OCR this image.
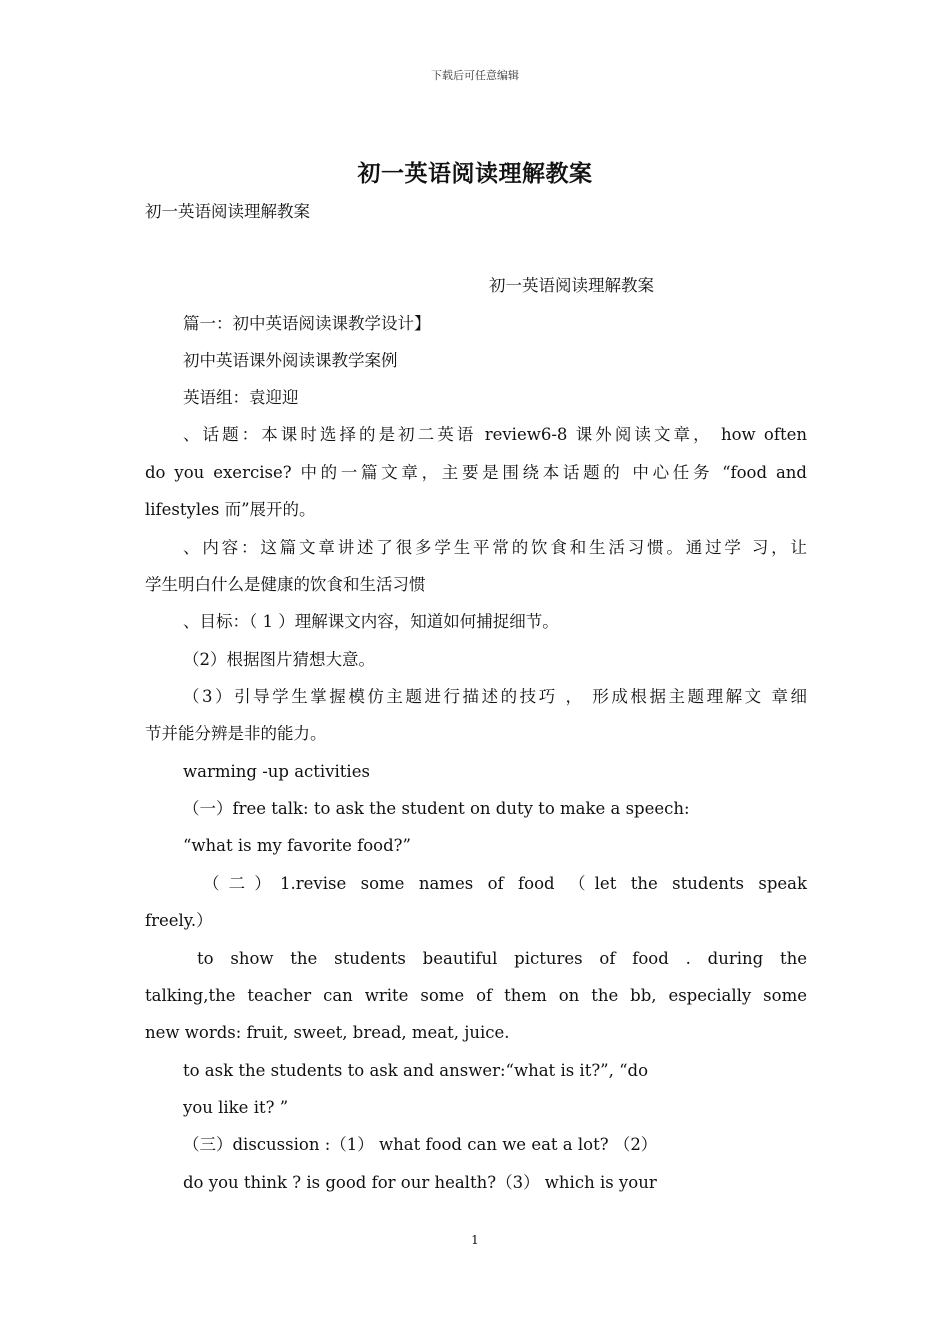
下载后可任意编辑
初一英语阅读理解教案
初一英语阅读理解教案
初一英语阅读理解教案
篇一：初中英语阅读课教学设计】
初中英语课外阅读课教学案例
英语组：袁迎迎
、话题：本课时选择的是初二英语 review6-8 课外阅读文章， how often
do you exercise? 中的一篇文章，主要是围绕本话题的 中心任务 “food and
lifestyles 而”展开的。
、内容：这篇文章讲述了很多学生平常的饮食和生活习惯。通过学 习，让
学生明白什么是健康的饮食和生活习惯
、目标：（ 1 ）理解课文内容，知道如何捕捉细节。
（2）根据图片猜想大意。
（3）引导学生掌握模仿主题进行描述的技巧 ， 形成根据主题理解文 章细
节并能分辨是非的能力。
warming -up activities
（一）free talk: to ask the student on duty to make a speech:
“what is my favorite food?”
（二）1.revise some names of food （let the students speak
freely.）
to show the students beautiful pictures of food . during the
talking,the teacher can write some of them on the bb, especially some
new words: fruit, sweet, bread, meat, juice.
to ask the students to ask and answer:“what is it?”, “do
you like it? ”
（三）discussion :（1） what food can we eat a lot? （2）
do you think ? is good for our health?（3） which is your
1
